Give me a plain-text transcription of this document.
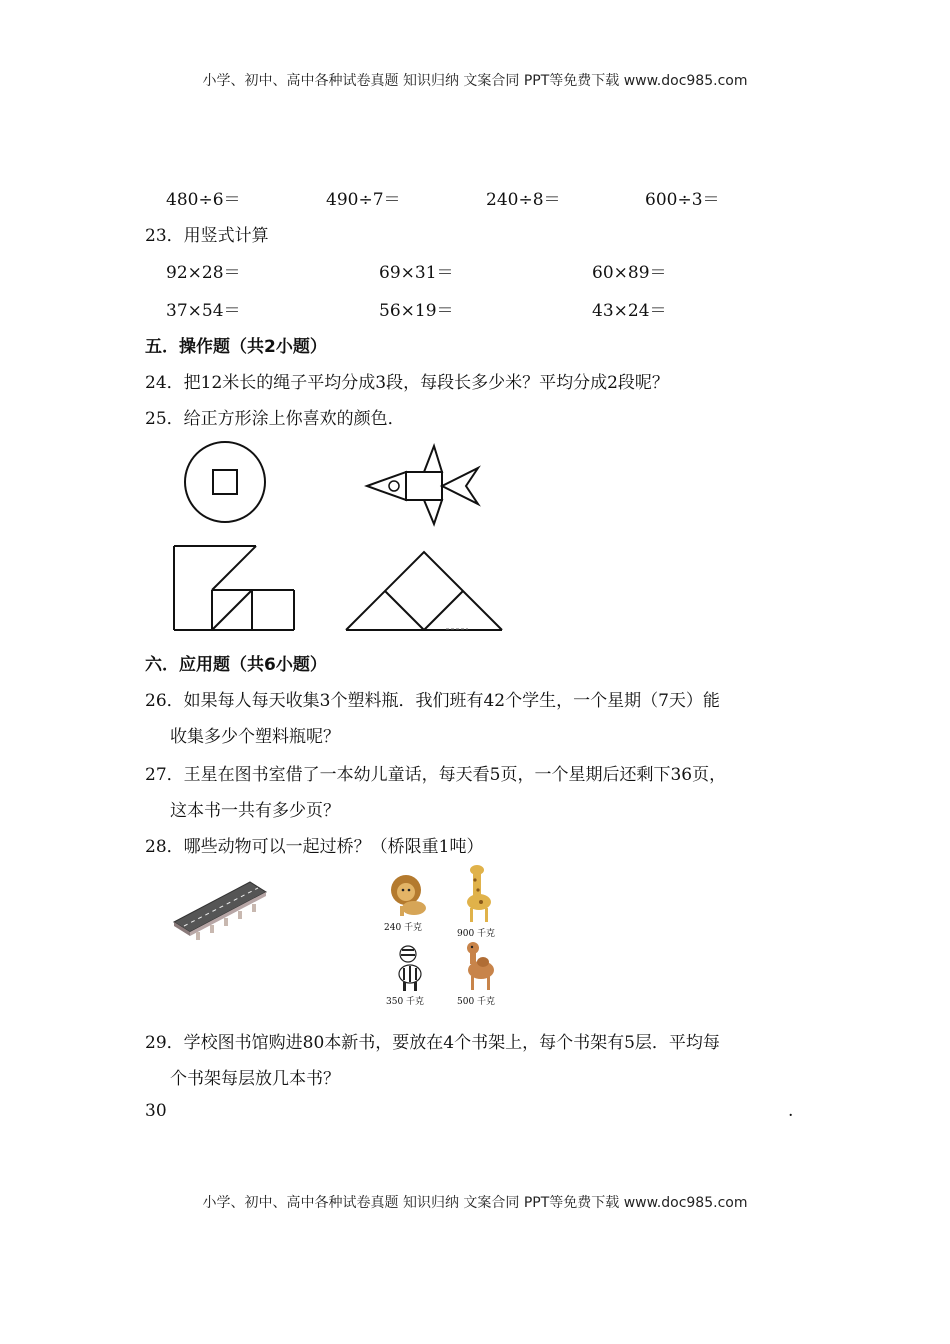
小学、初中、高中各种试卷真题 知识归纳 文案合同 PPT等免费下载 www.doc985.com
480÷6＝	490÷7＝	240÷8＝	600÷3＝
23．用竖式计算
92×28＝	69×31＝	60×89＝
37×54＝	56×19＝	43×24＝
五．操作题（共2小题）
24．把12米长的绳子平均分成3段，每段长多少米？平均分成2段呢？
25．给正方形涂上你喜欢的颜色．
六．应用题（共6小题）
26．如果每人每天收集3个塑料瓶．我们班有42个学生，一个星期（7天）能
收集多少个塑料瓶呢？
27．王星在图书室借了一本幼儿童话，每天看5页，一个星期后还剩下36页，
这本书一共有多少页？
28．哪些动物可以一起过桥？（桥限重1吨）
240 千克
900 千克
350 千克	500 千克
29．学校图书馆购进80本新书，要放在4个书架上，每个书架有5层．平均每
个书架每层放几本书？
30	.
小学、初中、高中各种试卷真题 知识归纳 文案合同 PPT等免费下载 www.doc985.com
